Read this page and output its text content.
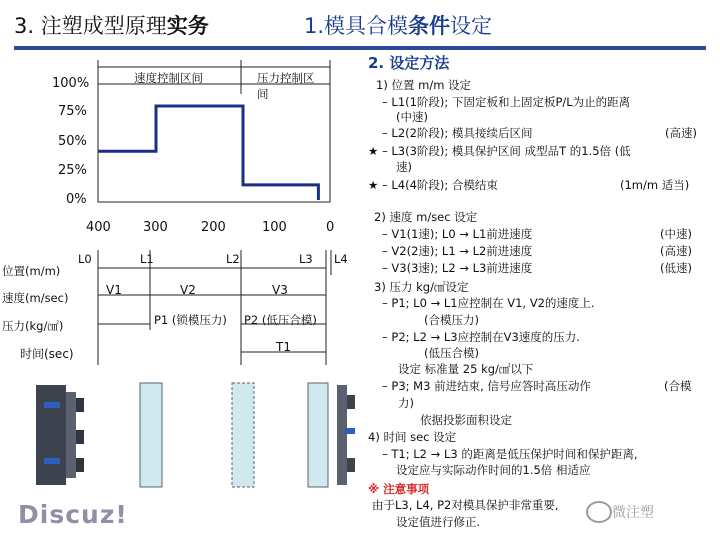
3. 注塑成型原理实务	1.模具合模条件设定
速度控制区间	压力控制区间
100%
75%
50%
25%
0%
400 300	200	100	0
L0	L1	L2	L3 L4
位置(m/m)
速度(m/sec)
压力(kg/㎠)
时间(sec)
V1	V2	V3
P1 (锁模压力) P2 (低压合模)
T1
2. 设定方法
1) 位置 m/m 设定
– L1(1阶段); 下固定板和上固定板P/L为止的距离
(中速)
– L2(2阶段); 模具接续后区间	(高速)
★ – L3(3阶段); 模具保护区间 成型品T 的1.5倍 (低
速)
★ – L4(4阶段); 合模结束	(1m/m 适当)
2) 速度 m/sec 设定
– V1(1速); L0 → L1前进速度	(中速)
– V2(2速); L1 → L2前进速度	(高速)
– V3(3速); L2 → L3前进速度	(低速)
3) 压力 kg/㎠设定
– P1; L0 → L1应控制在 V1, V2的速度上.
(合模压力)
– P2; L2 → L3应控制在V3速度的压力.
(低压合模)
设定 标准量 25 kg/㎠以下
– P3; M3 前进结束, 信号应答时高压动作	(合模
力)
依据投影面积设定
4) 时间 sec 设定
– T1; L2 → L3 的距离是低压保护时间和保护距离,
设定应与实际动作时间的1.5倍 相适应
※ 注意事项
由于L3, L4, P2对模具保护非常重要,
设定值进行修正.
Discuz!	微注塑
